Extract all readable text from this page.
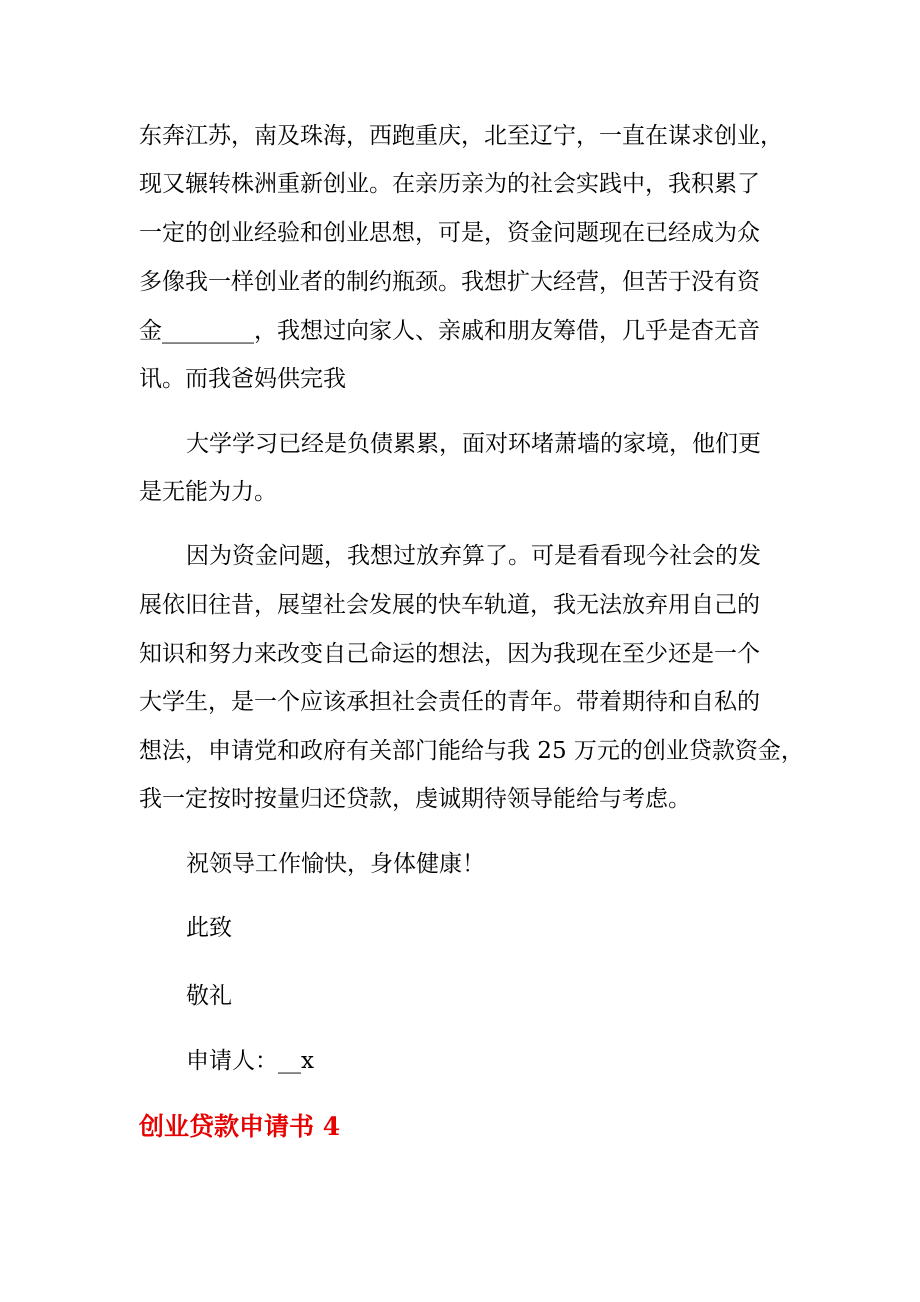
东奔江苏，南及珠海，西跑重庆，北至辽宁，一直在谋求创业，
现又辗转株洲重新创业。在亲历亲为的社会实践中，我积累了
一定的创业经验和创业思想，可是，资金问题现在已经成为众
多像我一样创业者的制约瓶颈。我想扩大经营，但苦于没有资
金________，我想过向家人、亲戚和朋友筹借，几乎是杳无音
讯。而我爸妈供完我
大学学习已经是负债累累，面对环堵萧墙的家境，他们更
是无能为力。
因为资金问题，我想过放弃算了。可是看看现今社会的发
展依旧往昔，展望社会发展的快车轨道，我无法放弃用自己的
知识和努力来改变自己命运的想法，因为我现在至少还是一个
大学生，是一个应该承担社会责任的青年。带着期待和自私的
想法，申请党和政府有关部门能给与我 25 万元的创业贷款资金，
我一定按时按量归还贷款，虔诚期待领导能给与考虑。
祝领导工作愉快，身体健康！
此致
敬礼
申请人：__x
创业贷款申请书 4
